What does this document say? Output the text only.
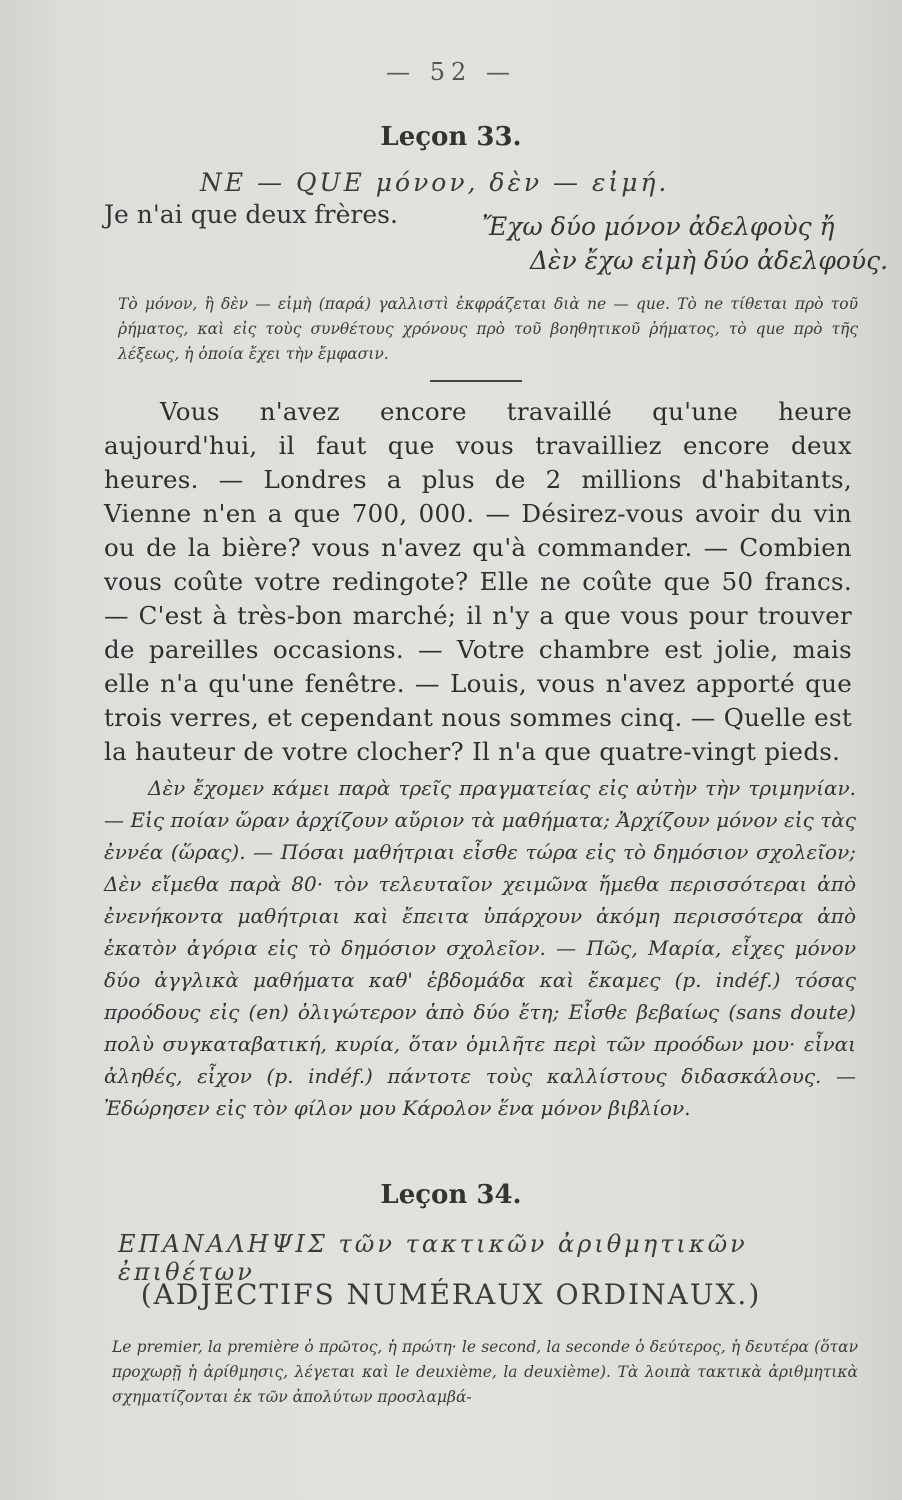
— 52 —
Leçon 33.
NE — QUE μόνον, δὲν — εἰμή.
Je n'ai que deux frères.	Ἔχω δύο μόνον ἀδελφοὺς ἤ
Δὲν ἔχω εἰμὴ δύο ἀδελφούς.
Τὸ μόνον, ἢ δὲν — εἰμὴ (παρά) γαλλιστὶ ἐκφράζεται διὰ ne — que. Τὸ ne τίθεται πρὸ τοῦ ῥήματος, καὶ εἰς τοὺς συνθέτους χρόνους πρὸ τοῦ βοηθητικοῦ ῥήματος, τὸ que πρὸ τῆς λέξεως, ἡ ὁποία ἔχει τὴν ἔμφασιν.
Vous n'avez encore travaillé qu'une heure aujourd'hui, il faut que vous travailliez encore deux heures. — Londres a plus de 2 millions d'habitants, Vienne n'en a que 700, 000. — Désirez-vous avoir du vin ou de la bière? vous n'avez qu'à commander. — Combien vous coûte votre redingote? Elle ne coûte que 50 francs. — C'est à très-bon marché; il n'y a que vous pour trouver de pareilles occasions. — Votre chambre est jolie, mais elle n'a qu'une fenêtre. — Louis, vous n'avez apporté que trois verres, et cependant nous sommes cinq. — Quelle est la hauteur de votre clocher? Il n'a que quatre-vingt pieds.
Δὲν ἔχομεν κάμει παρὰ τρεῖς πραγματείας εἰς αὐτὴν τὴν τριμηνίαν. — Εἰς ποίαν ὥραν ἀρχίζουν αὔριον τὰ μαθήματα; Ἀρχίζουν μόνον εἰς τὰς ἐννέα (ὥρας). — Πόσαι μαθήτριαι εἶσθε τώρα εἰς τὸ δημόσιον σχολεῖον; Δὲν εἴμεθα παρὰ 80· τὸν τελευταῖον χειμῶνα ἤμεθα περισσότεραι ἀπὸ ἐνενήκοντα μαθήτριαι καὶ ἔπειτα ὑπάρχουν ἀκόμη περισσότερα ἀπὸ ἑκατὸν ἀγόρια εἰς τὸ δημόσιον σχολεῖον. — Πῶς, Μαρία, εἶχες μόνον δύο ἀγγλικὰ μαθήματα καθ' ἑβδομάδα καὶ ἔκαμες (p. indéf.) τόσας προόδους εἰς (en) ὀλιγώτερον ἀπὸ δύο ἔτη; Εἶσθε βεβαίως (sans doute) πολὺ συγκαταβατική, κυρία, ὅταν ὁμιλῆτε περὶ τῶν προόδων μου· εἶναι ἀληθές, εἶχον (p. indéf.) πάντοτε τοὺς καλλίστους διδασκάλους. — Ἐδώρησεν εἰς τὸν φίλον μου Κάρολον ἕνα μόνον βιβλίον.
Leçon 34.
ΕΠΑΝΑΛΗΨΙΣ τῶν τακτικῶν ἀριθμητικῶν ἐπιθέτων
(ADJECTIFS NUMÉRAUX ORDINAUX.)
Le premier, la première ὁ πρῶτος, ἡ πρώτη· le second, la seconde ὁ δεύτερος, ἡ δευτέρα (ὅταν προχωρῇ ἡ ἀρίθμησις, λέγεται καὶ le deuxième, la deuxième). Τὰ λοιπὰ τακτικὰ ἀριθμητικὰ σχηματίζονται ἐκ τῶν ἀπολύτων προσλαμβά-
